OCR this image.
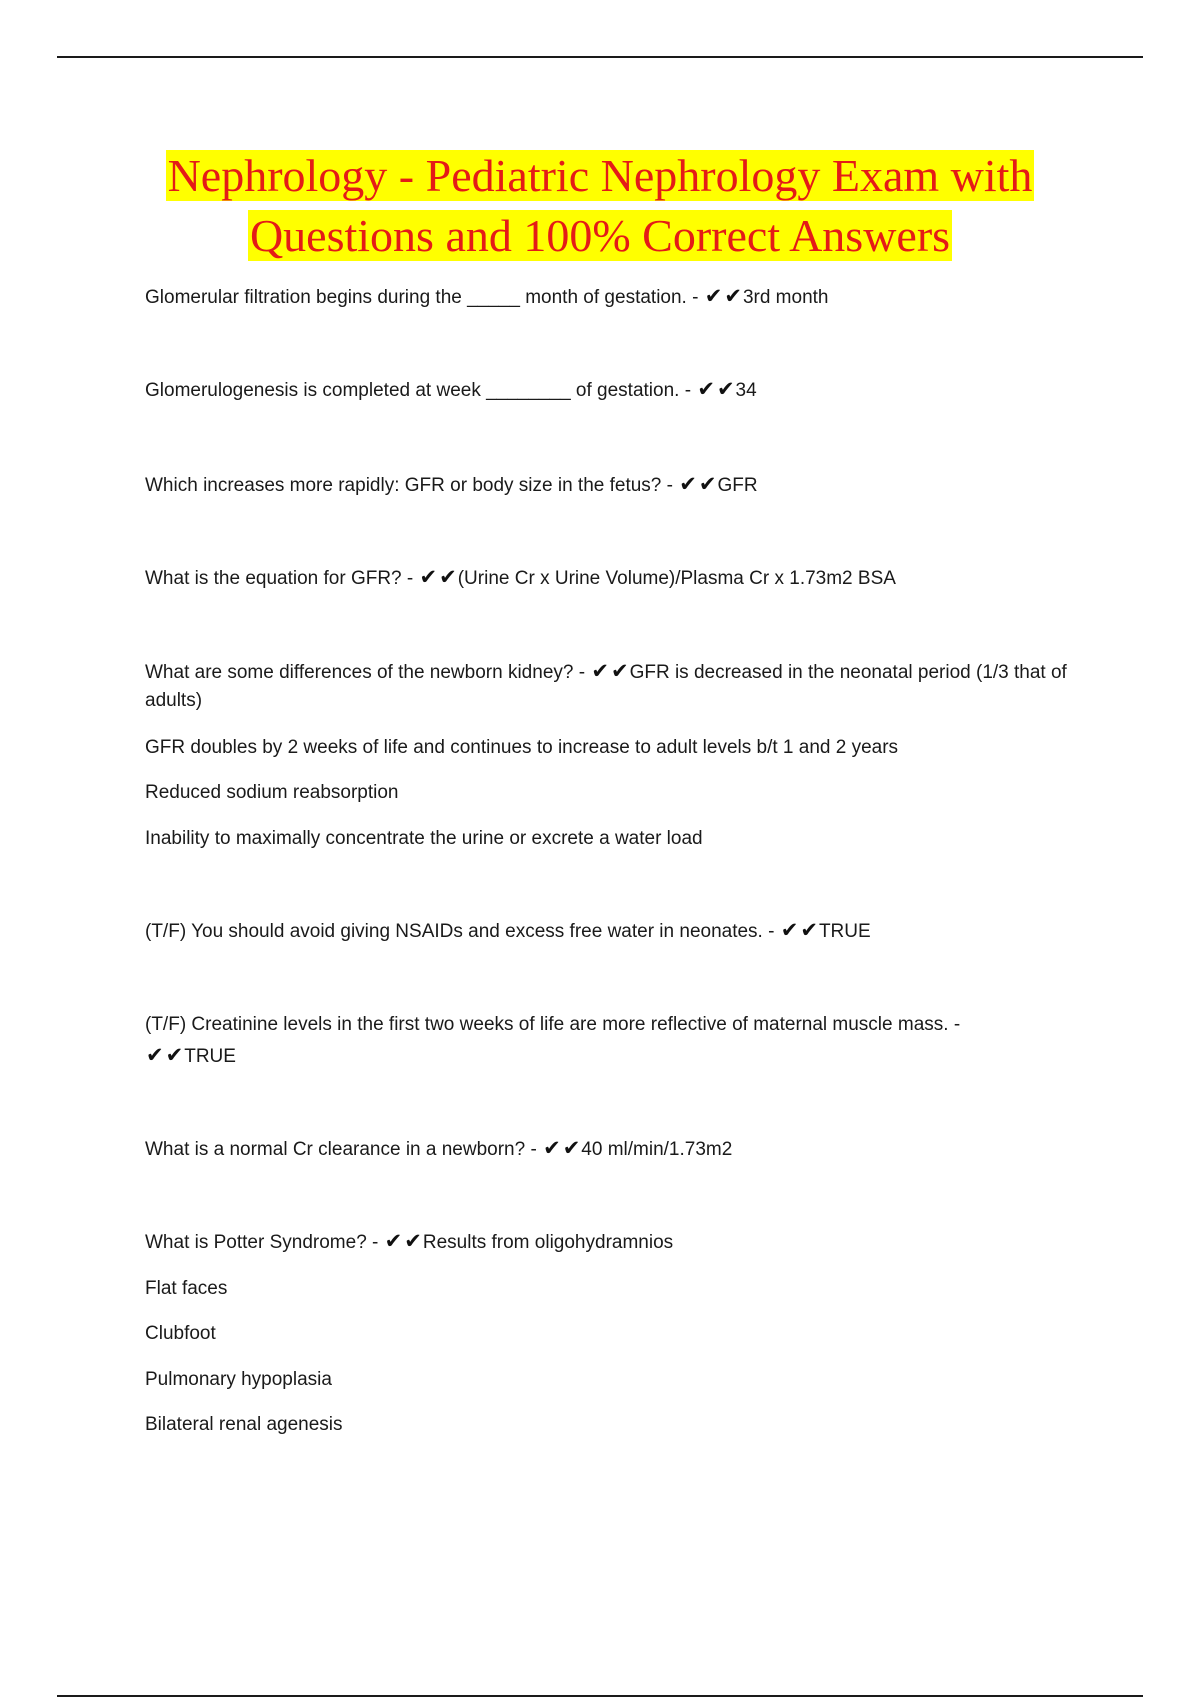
Nephrology - Pediatric Nephrology Exam with
Questions and 100% Correct Answers

Glomerular filtration begins during the _____ month of gestation. - ✔✔3rd month

Glomerulogenesis is completed at week ________ of gestation. - ✔✔34

Which increases more rapidly: GFR or body size in the fetus? - ✔✔GFR

What is the equation for GFR? - ✔✔(Urine Cr x Urine Volume)/Plasma Cr x 1.73m2 BSA

What are some differences of the newborn kidney? - ✔✔GFR is decreased in the neonatal period (1/3 that of adults)

GFR doubles by 2 weeks of life and continues to increase to adult levels b/t 1 and 2 years

Reduced sodium reabsorption

Inability to maximally concentrate the urine or excrete a water load

(T/F) You should avoid giving NSAIDs and excess free water in neonates. - ✔✔TRUE

(T/F) Creatinine levels in the first two weeks of life are more reflective of maternal muscle mass. -
✔✔TRUE

What is a normal Cr clearance in a newborn? - ✔✔40 ml/min/1.73m2

What is Potter Syndrome? - ✔✔Results from oligohydramnios

Flat faces

Clubfoot

Pulmonary hypoplasia

Bilateral renal agenesis
